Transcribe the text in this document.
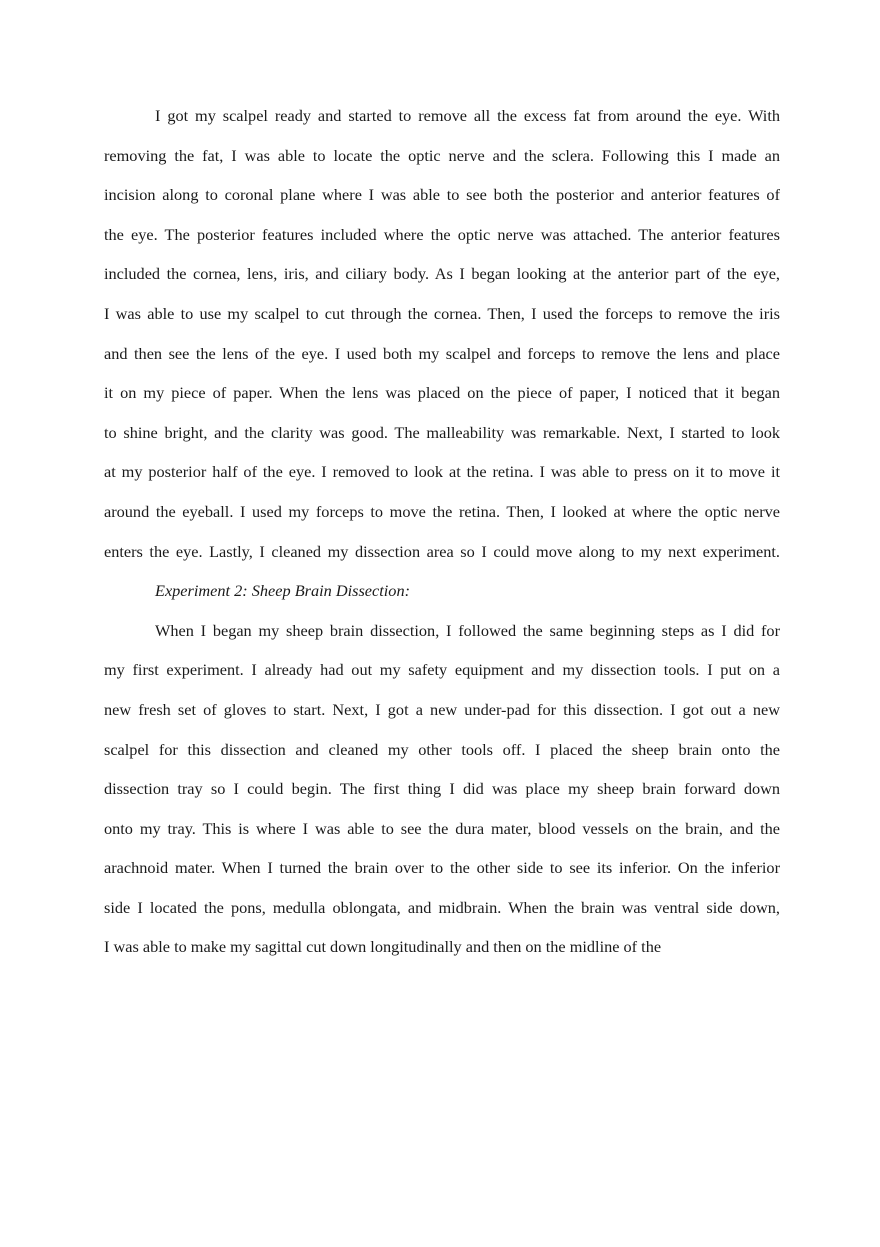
I got my scalpel ready and started to remove all the excess fat from around the eye. With
removing the fat, I was able to locate the optic nerve and the sclera. Following this I made an
incision along to coronal plane where I was able to see both the posterior and anterior features of
the eye. The posterior features included where the optic nerve was attached. The anterior features
included the cornea, lens, iris, and ciliary body. As I began looking at the anterior part of the eye,
I was able to use my scalpel to cut through the cornea. Then, I used the forceps to remove the iris
and then see the lens of the eye. I used both my scalpel and forceps to remove the lens and place
it on my piece of paper. When the lens was placed on the piece of paper, I noticed that it began
to shine bright, and the clarity was good. The malleability was remarkable. Next, I started to look
at my posterior half of the eye. I removed to look at the retina. I was able to press on it to move it
around the eyeball. I used my forceps to move the retina. Then, I looked at where the optic nerve
enters the eye. Lastly, I cleaned my dissection area so I could move along to my next experiment.
Experiment 2: Sheep Brain Dissection:
When I began my sheep brain dissection, I followed the same beginning steps as I did for
my first experiment. I already had out my safety equipment and my dissection tools. I put on a
new fresh set of gloves to start. Next, I got a new under-pad for this dissection. I got out a new
scalpel for this dissection and cleaned my other tools off. I placed the sheep brain onto the
dissection tray so I could begin. The first thing I did was place my sheep brain forward down
onto my tray. This is where I was able to see the dura mater, blood vessels on the brain, and the
arachnoid mater. When I turned the brain over to the other side to see its inferior. On the inferior
side I located the pons, medulla oblongata, and midbrain. When the brain was ventral side down,
I was able to make my sagittal cut down longitudinally and then on the midline of the
